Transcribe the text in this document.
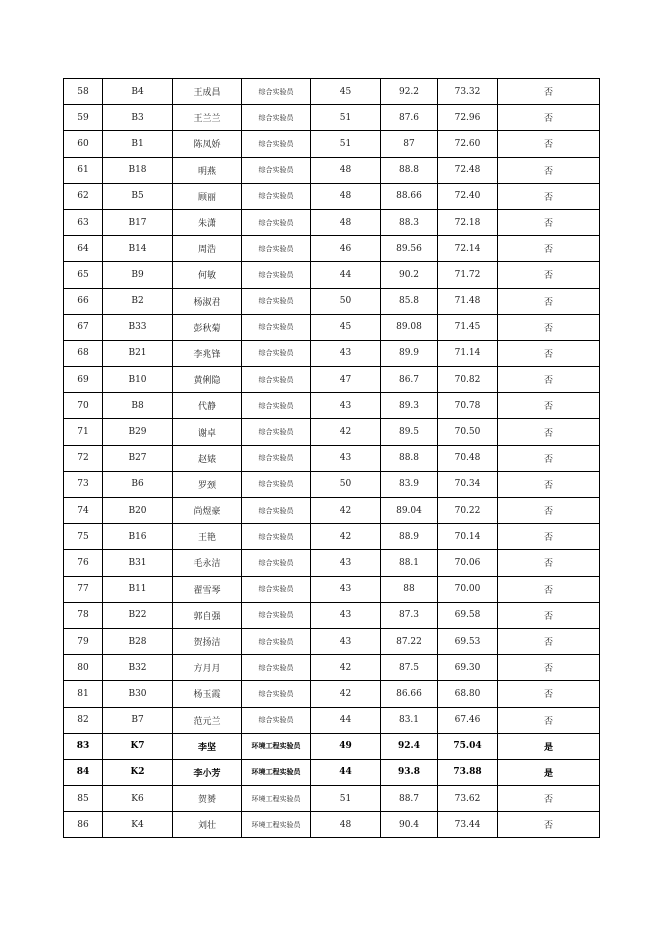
58	B4	王成昌	综合实验员	45	92.2	73.32	否
59	B3	王兰兰	综合实验员	51	87.6	72.96	否
60	B1	陈凤娇	综合实验员	51	87	72.60	否
61	B18	明燕	综合实验员	48	88.8	72.48	否
62	B5	顾丽	综合实验员	48	88.66	72.40	否
63	B17	朱潇	综合实验员	48	88.3	72.18	否
64	B14	周浩	综合实验员	46	89.56	72.14	否
65	B9	何敏	综合实验员	44	90.2	71.72	否
66	B2	杨淑君	综合实验员	50	85.8	71.48	否
67	B33	彭秋菊	综合实验员	45	89.08	71.45	否
68	B21	李兆锋	综合实验员	43	89.9	71.14	否
69	B10	黄俐隐	综合实验员	47	86.7	70.82	否
70	B8	代静	综合实验员	43	89.3	70.78	否
71	B29	谢卓	综合实验员	42	89.5	70.50	否
72	B27	赵婊	综合实验员	43	88.8	70.48	否
73	B6	罗颈	综合实验员	50	83.9	70.34	否
74	B20	尚煜豪	综合实验员	42	89.04	70.22	否
75	B16	王艳	综合实验员	42	88.9	70.14	否
76	B31	毛永洁	综合实验员	43	88.1	70.06	否
77	B11	翟雪琴	综合实验员	43	88	70.00	否
78	B22	郭自强	综合实验员	43	87.3	69.58	否
79	B28	贺扬洁	综合实验员	43	87.22	69.53	否
80	B32	方月月	综合实验员	42	87.5	69.30	否
81	B30	杨玉霞	综合实验员	42	86.66	68.80	否
82	B7	范元兰	综合实验员	44	83.1	67.46	否
83	K7	李坚	环境工程实验员	49	92.4	75.04	是
84	K2	李小芳	环境工程实验员	44	93.8	73.88	是
85	K6	贺赟	环境工程实验员	51	88.7	73.62	否
86	K4	刘壮	环境工程实验员	48	90.4	73.44	否
